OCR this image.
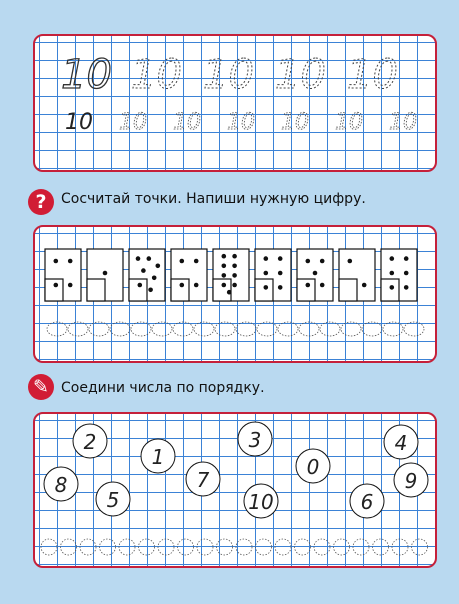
10 10 10 10 10
10 10 10 10 10 10 10
?	Сосчитай точки. Напиши нужную цифру.
✎ Соедини числа по порядку.
2
8
5
1
7
3
10
0
6
4
9
